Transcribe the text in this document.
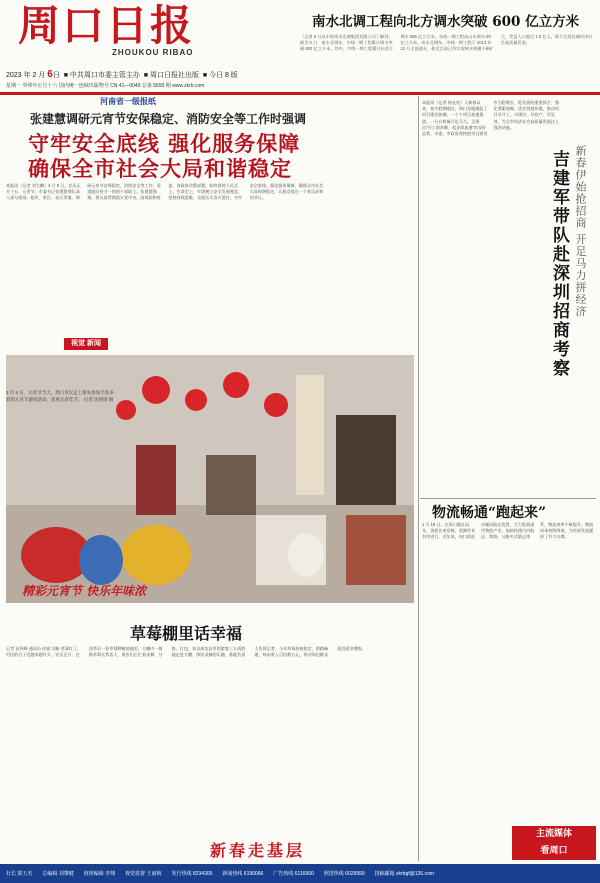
周口日报
ZHOUKOU RIBAO
2023 年 2 月 6日  ■ 中共周口市委主管主办  ■ 周口日报社出版  ■ 今日 8 版
星期一 癸卯年正月十六 国内统一连续出版物号 CN 41—0049 总第 5693 期 www.zkrb.com
南水北调工程向北方调水突破 600 亿立方米
（记者 5 日从中国南水北调集团有限公司了解到，截至 5 日，南水北调东、中线一期工程累计调水突破 600 亿立方米。其中，中线一期工程累计向北方调水 565 亿立方米，东线一期工程向山东调水 60 亿立方米。南水北调东、中线一期工程于 2014 年 12 月全面通水，截至目前已经实现调水规模不断扩大，受益人口超过 1.5 亿人，助力实现区域经济社会高质量发展。
河南省一级报纸
张建慧调研元宵节安保稳定、消防安全等工作时强调
守牢安全底线 强化服务保障
确保全市社会大局和谐稳定
本报讯（记者 刘大鹏）2 月 5 日，农历正月十五，元宵节，市委书记张建慧带队深入部分商场、超市、景区、社区等地，调研元宵节安保稳定、消防安全等工作，看望慰问坚守一线的干部职工。张建慧强调，要认真贯彻落实党中央、国务院和省委、省政府决策部署，始终坚持人民至上、生命至上，牢固树立安全发展理念，坚持底线思维，全面压实各方责任，守牢安全底线，强化服务保障，确保全市社会大局和谐稳定，让群众度过一个欢乐祥和的节日。
视觉 新闻
2 月 5 日，元宵节当天，周口市民走上街头参加丰富多彩的元宵节游园活动，欢度元宵佳节。 记者 沈剑锋 摄
精彩元宵节 快乐年味浓
草莓棚里话幸福
记者 袁传峰 通讯员 何斌 刘彬 草莓红了，村民的日子也越来越红火。农历正月，在西华县一处草莓种植基地里，大棚内一排排草莓长势喜人，果农们正忙着采摘、分拣、打包，来自周边县市的游客三五成群地走进大棚，体验采摘的乐趣。基地负责人告诉记者，今年草莓价格稳定，销路畅通，每亩收入可达数万元，带动周边群众就近就业增收。
新春走基层
本报讯（记者 杨光亮）入新春以来，春节假期刚过，周口各地掀起了项目建设热潮。一个个项目加速推进，一台台机械开足马力，呈现出“开工即冲刺、起步即加速”的良好态势。市委、市政府坚持把项目建设作为稳增长、促发展的重要抓手，强化要素保障，优化营商环境，推动项目早开工、早建设、早投产、早见效，为全市经济社会高质量发展注入强劲动能。
吉建军带队赴深圳招商考察 新春伊始抢招商 开足马力拼经济
物流畅通“跑起来”
1 月 19 日，在周口港区码头，货轮往来穿梭，装卸作业有序进行。近年来，周口依托沙颍河航运优势，大力发展现代物流产业，加快构建内河航运、铁路、公路多式联运体系，物流效率不断提升，物流成本持续降低，为经济发展提供了有力支撑。
主流媒体
看周口
社长 郭玉杰 总编辑 刘肇健 值班编辑 李翔 视觉监督 王丽梅 发行热线 8234300 新闻热线 6190066 广告热线 6116900 照排热线 6029999 投稿邮箱 zkrbgf@126.com
